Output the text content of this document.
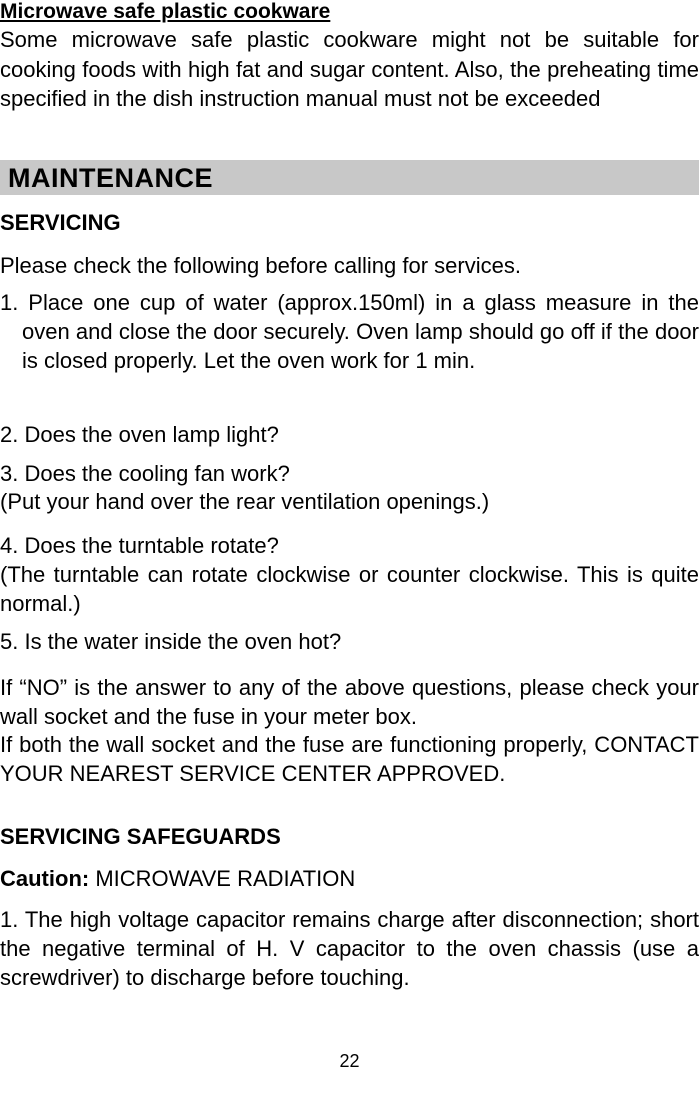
Microwave safe plastic cookware
Some microwave safe plastic cookware might not be suitable for cooking foods with high fat and sugar content. Also, the preheating time specified in the dish instruction manual must not be exceeded
MAINTENANCE
SERVICING
Please check the following before calling for services.
1. Place one cup of water (approx.150ml) in a glass measure in the oven and close the door securely. Oven lamp should go off if the door is closed properly. Let the oven work for 1 min.
2. Does the oven lamp light?
3. Does the cooling fan work?
(Put your hand over the rear ventilation openings.)
4. Does the turntable rotate?
(The turntable can rotate clockwise or counter clockwise. This is quite normal.)
5. Is the water inside the oven hot?
If “NO” is the answer to any of the above questions, please check your wall socket and the fuse in your meter box.
If both the wall socket and the fuse are functioning properly, CONTACT YOUR NEAREST SERVICE CENTER APPROVED.
SERVICING SAFEGUARDS
Caution: MICROWAVE RADIATION
1. The high voltage capacitor remains charge after disconnection; short the negative terminal of H. V capacitor to the oven chassis (use a screwdriver) to discharge before touching.
22
